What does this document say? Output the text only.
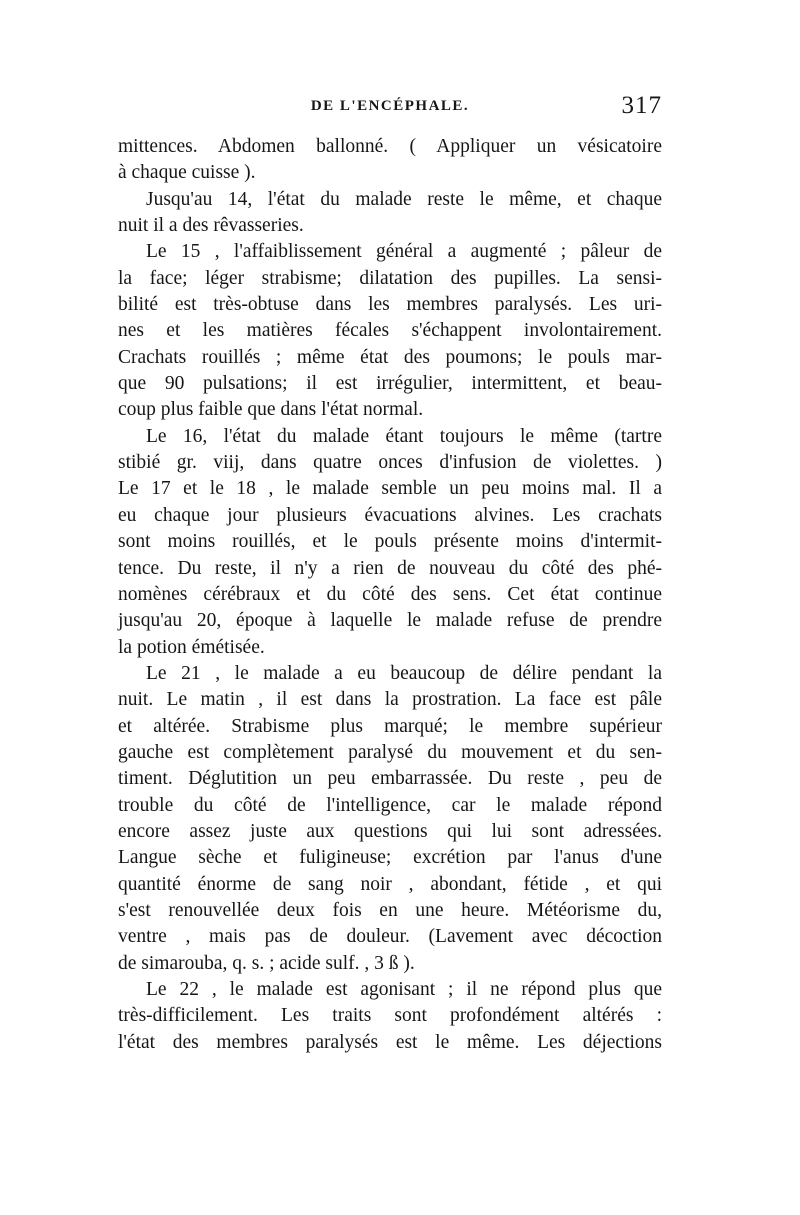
DE L'ENCÉPHALE.	317
mittences. Abdomen ballonné. ( Appliquer un vésicatoire
à chaque cuisse ).
Jusqu'au 14, l'état du malade reste le même, et chaque
nuit il a des rêvasseries.
Le 15 , l'affaiblissement général a augmenté ; pâleur de
la face; léger strabisme; dilatation des pupilles. La sensi-
bilité est très-obtuse dans les membres paralysés. Les uri-
nes et les matières fécales s'échappent involontairement.
Crachats rouillés ; même état des poumons; le pouls mar-
que 90 pulsations; il est irrégulier, intermittent, et beau-
coup plus faible que dans l'état normal.
Le 16, l'état du malade étant toujours le même (tartre
stibié gr. viij, dans quatre onces d'infusion de violettes. )
Le 17 et le 18 , le malade semble un peu moins mal. Il a
eu chaque jour plusieurs évacuations alvines. Les crachats
sont moins rouillés, et le pouls présente moins d'intermit-
tence. Du reste, il n'y a rien de nouveau du côté des phé-
nomènes cérébraux et du côté des sens. Cet état continue
jusqu'au 20, époque à laquelle le malade refuse de prendre
la potion émétisée.
Le 21 , le malade a eu beaucoup de délire pendant la
nuit. Le matin , il est dans la prostration. La face est pâle
et altérée. Strabisme plus marqué; le membre supérieur
gauche est complètement paralysé du mouvement et du sen-
timent. Déglutition un peu embarrassée. Du reste , peu de
trouble du côté de l'intelligence, car le malade répond
encore assez juste aux questions qui lui sont adressées.
Langue sèche et fuligineuse; excrétion par l'anus d'une
quantité énorme de sang noir , abondant, fétide , et qui
s'est renouvellée deux fois en une heure. Météorisme du,
ventre , mais pas de douleur. (Lavement avec décoction
de simarouba, q. s. ; acide sulf. , 3 ß ).
Le 22 , le malade est agonisant ; il ne répond plus que
très-difficilement. Les traits sont profondément altérés :
l'état des membres paralysés est le même. Les déjections
